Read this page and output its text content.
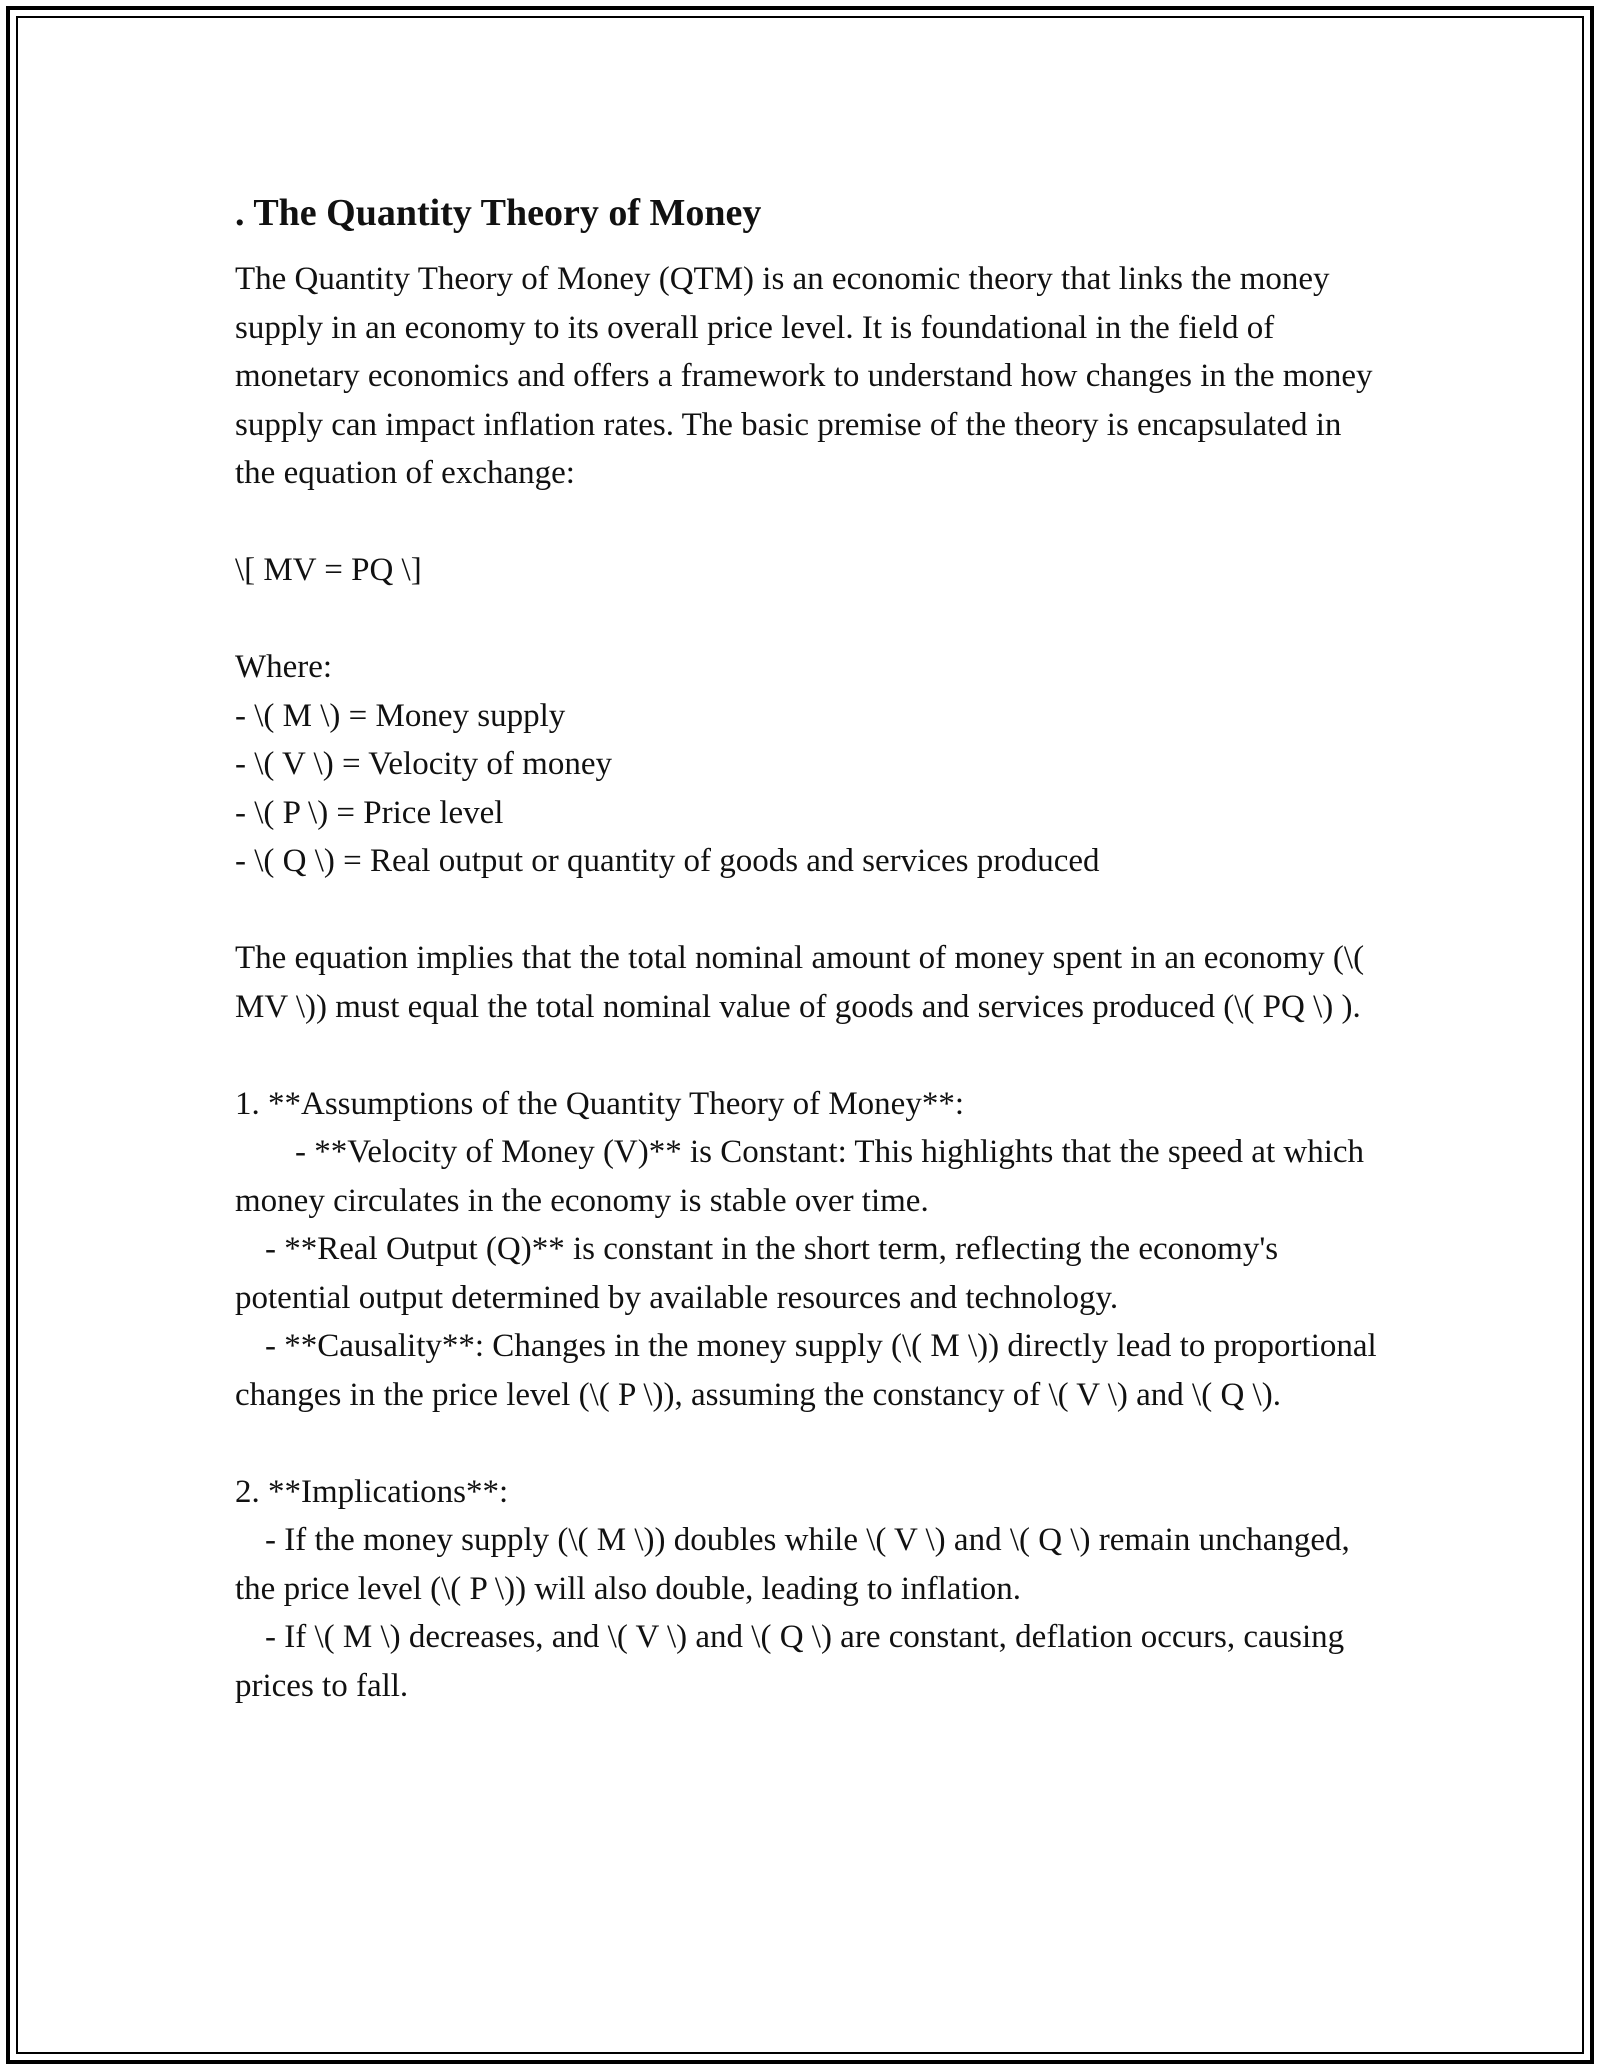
. The Quantity Theory of Money

The Quantity Theory of Money (QTM) is an economic theory that links the money supply in an economy to its overall price level. It is foundational in the field of monetary economics and offers a framework to understand how changes in the money supply can impact inflation rates. The basic premise of the theory is encapsulated in the equation of exchange:

\[ MV = PQ \]

Where:

- \( M \) = Money supply

- \( V \) = Velocity of money

- \( P \) = Price level

- \( Q \) = Real output or quantity of goods and services produced

The equation implies that the total nominal amount of money spent in an economy (\( MV \)) must equal the total nominal value of goods and services produced (\( PQ \) ).

1. **Assumptions of the Quantity Theory of Money**:

- **Velocity of Money (V)** is Constant: This highlights that the speed at which money circulates in the economy is stable over time.

- **Real Output (Q)** is constant in the short term, reflecting the economy's potential output determined by available resources and technology.

- **Causality**: Changes in the money supply (\( M \)) directly lead to proportional changes in the price level (\( P \)), assuming the constancy of \( V \) and \( Q \).

2. **Implications**:

- If the money supply (\( M \)) doubles while \( V \) and \( Q \) remain unchanged, the price level (\( P \)) will also double, leading to inflation.

- If \( M \) decreases, and \( V \) and \( Q \) are constant, deflation occurs, causing prices to fall.
